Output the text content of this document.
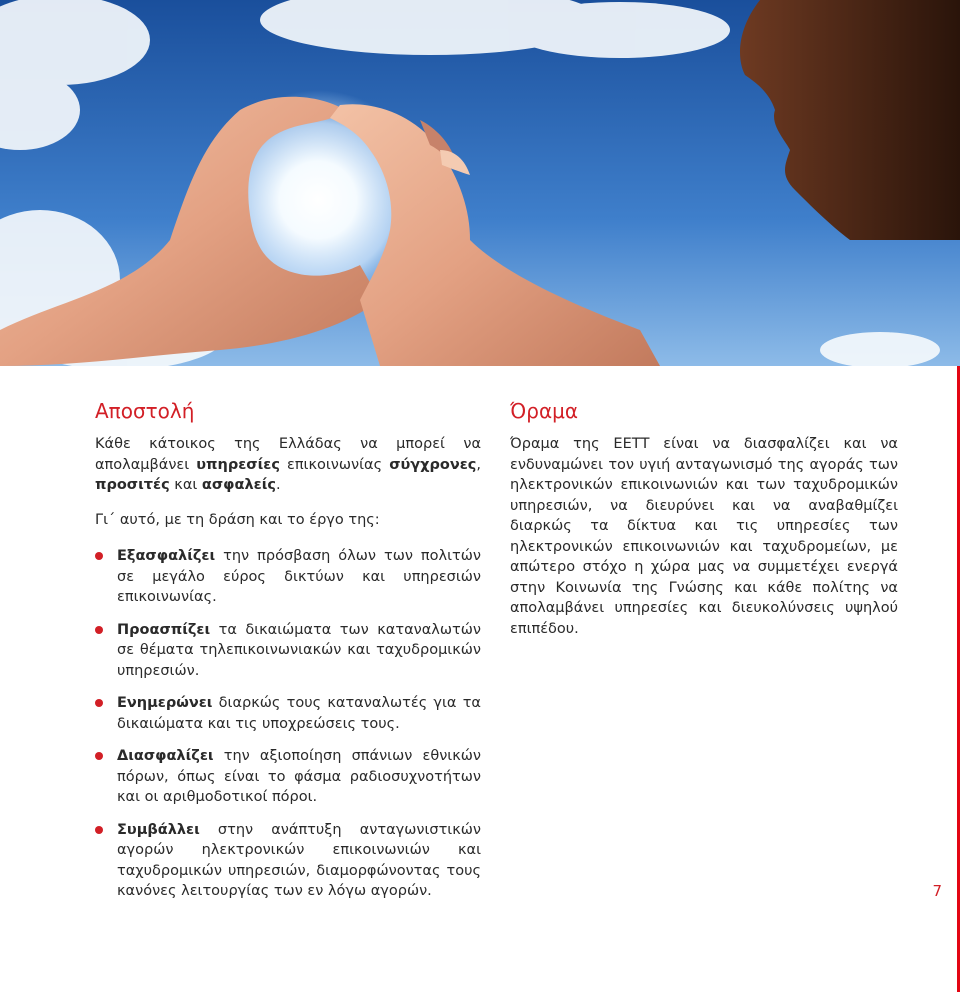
Αποστολή

Κάθε κάτοικος της Ελλάδας να μπορεί να απολαμβάνει υπηρεσίες επικοινωνίας σύγχρονες, προσιτές και ασφαλείς.

Γι΄ αυτό, με τη δράση και το έργο της:

Εξασφαλίζει την πρόσβαση όλων των πολιτών σε μεγάλο εύρος δικτύων και υπηρεσιών επικοινωνίας.
Προασπίζει τα δικαιώματα των καταναλωτών σε θέματα τηλεπικοινωνιακών και ταχυδρομικών υπηρεσιών.
Ενημερώνει διαρκώς τους καταναλωτές για τα δικαιώματα και τις υποχρεώσεις τους.
Διασφαλίζει την αξιοποίηση σπάνιων εθνικών πόρων, όπως είναι το φάσμα ραδιοσυχνοτήτων και οι αριθμοδοτικοί πόροι.
Συμβάλλει στην ανάπτυξη ανταγωνιστικών αγορών ηλεκτρονικών επικοινωνιών και ταχυδρομικών υπηρεσιών, διαμορφώνοντας τους κανόνες λειτουργίας των εν λόγω αγορών.
Όραμα

Όραμα της ΕΕΤΤ είναι να διασφαλίζει και να ενδυναμώνει τον υγιή ανταγωνισμό της αγοράς των ηλεκτρονικών επικοινωνιών και των ταχυδρομικών υπηρεσιών, να διευρύνει και να αναβαθμίζει διαρκώς τα δίκτυα και τις υπηρεσίες των ηλεκτρονικών επικοινωνιών και ταχυδρομείων, με απώτερο στόχο η χώρα μας να συμμετέχει ενεργά στην Κοινωνία της Γνώσης και κάθε πολίτης να απολαμβάνει υπηρεσίες και διευκολύνσεις υψηλού επιπέδου.

7
